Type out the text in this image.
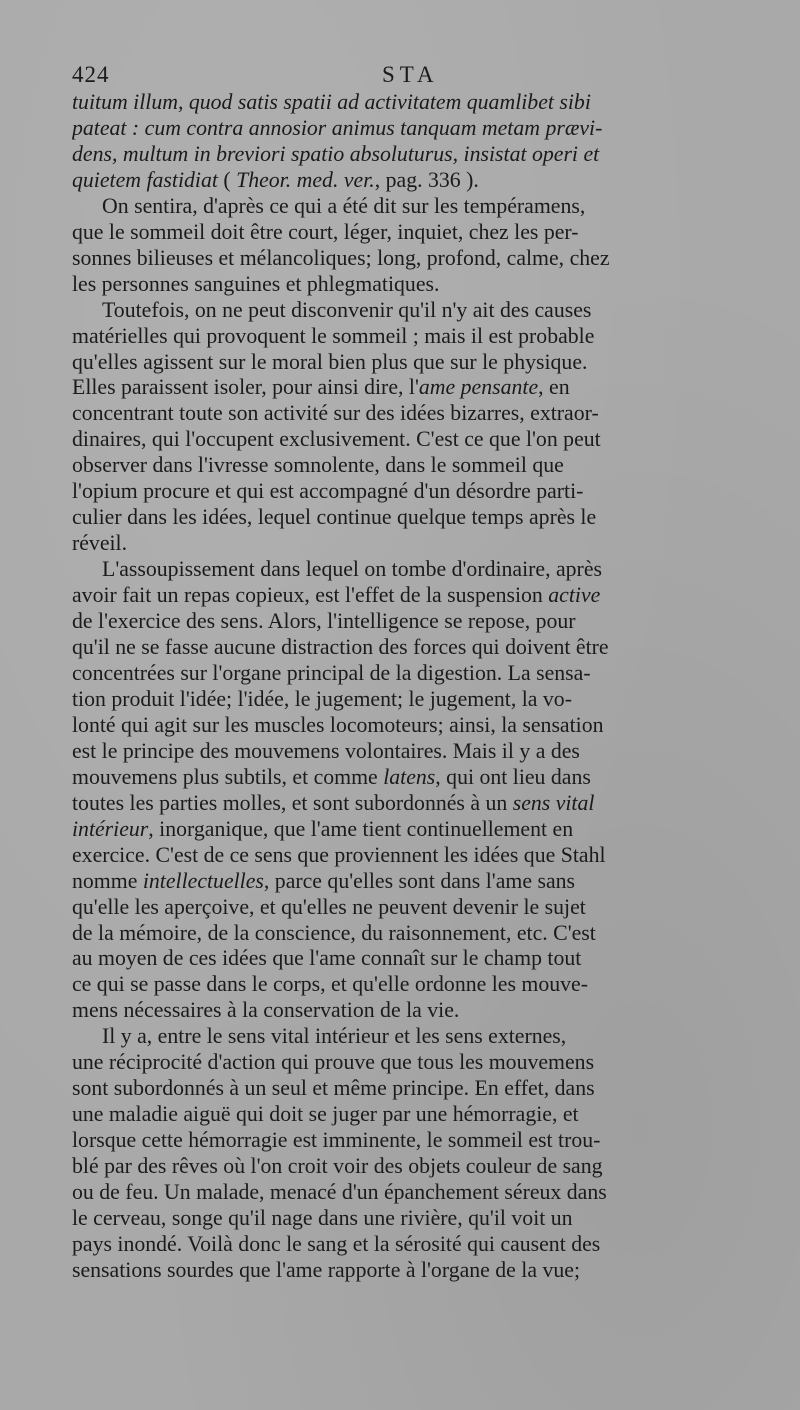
424	STA
tuitum illum, quod satis spatii ad activitatem quamlibet sibi
pateat : cum contra annosior animus tanquam metam prævi-
dens, multum in breviori spatio absoluturus, insistat operi et
quietem fastidiat ( Theor. med. ver., pag. 336 ).
On sentira, d'après ce qui a été dit sur les tempéramens,
que le sommeil doit être court, léger, inquiet, chez les per-
sonnes bilieuses et mélancoliques; long, profond, calme, chez
les personnes sanguines et phlegmatiques.
Toutefois, on ne peut disconvenir qu'il n'y ait des causes
matérielles qui provoquent le sommeil ; mais il est probable
qu'elles agissent sur le moral bien plus que sur le physique.
Elles paraissent isoler, pour ainsi dire, l'ame pensante, en
concentrant toute son activité sur des idées bizarres, extraor-
dinaires, qui l'occupent exclusivement. C'est ce que l'on peut
observer dans l'ivresse somnolente, dans le sommeil que
l'opium procure et qui est accompagné d'un désordre parti-
culier dans les idées, lequel continue quelque temps après le
réveil.
L'assoupissement dans lequel on tombe d'ordinaire, après
avoir fait un repas copieux, est l'effet de la suspension active
de l'exercice des sens. Alors, l'intelligence se repose, pour
qu'il ne se fasse aucune distraction des forces qui doivent être
concentrées sur l'organe principal de la digestion. La sensa-
tion produit l'idée; l'idée, le jugement; le jugement, la vo-
lonté qui agit sur les muscles locomoteurs; ainsi, la sensation
est le principe des mouvemens volontaires. Mais il y a des
mouvemens plus subtils, et comme latens, qui ont lieu dans
toutes les parties molles, et sont subordonnés à un sens vital
intérieur, inorganique, que l'ame tient continuellement en
exercice. C'est de ce sens que proviennent les idées que Stahl
nomme intellectuelles, parce qu'elles sont dans l'ame sans
qu'elle les aperçoive, et qu'elles ne peuvent devenir le sujet
de la mémoire, de la conscience, du raisonnement, etc. C'est
au moyen de ces idées que l'ame connaît sur le champ tout
ce qui se passe dans le corps, et qu'elle ordonne les mouve-
mens nécessaires à la conservation de la vie.
Il y a, entre le sens vital intérieur et les sens externes,
une réciprocité d'action qui prouve que tous les mouvemens
sont subordonnés à un seul et même principe. En effet, dans
une maladie aiguë qui doit se juger par une hémorragie, et
lorsque cette hémorragie est imminente, le sommeil est trou-
blé par des rêves où l'on croit voir des objets couleur de sang
ou de feu. Un malade, menacé d'un épanchement séreux dans
le cerveau, songe qu'il nage dans une rivière, qu'il voit un
pays inondé. Voilà donc le sang et la sérosité qui causent des
sensations sourdes que l'ame rapporte à l'organe de la vue;
